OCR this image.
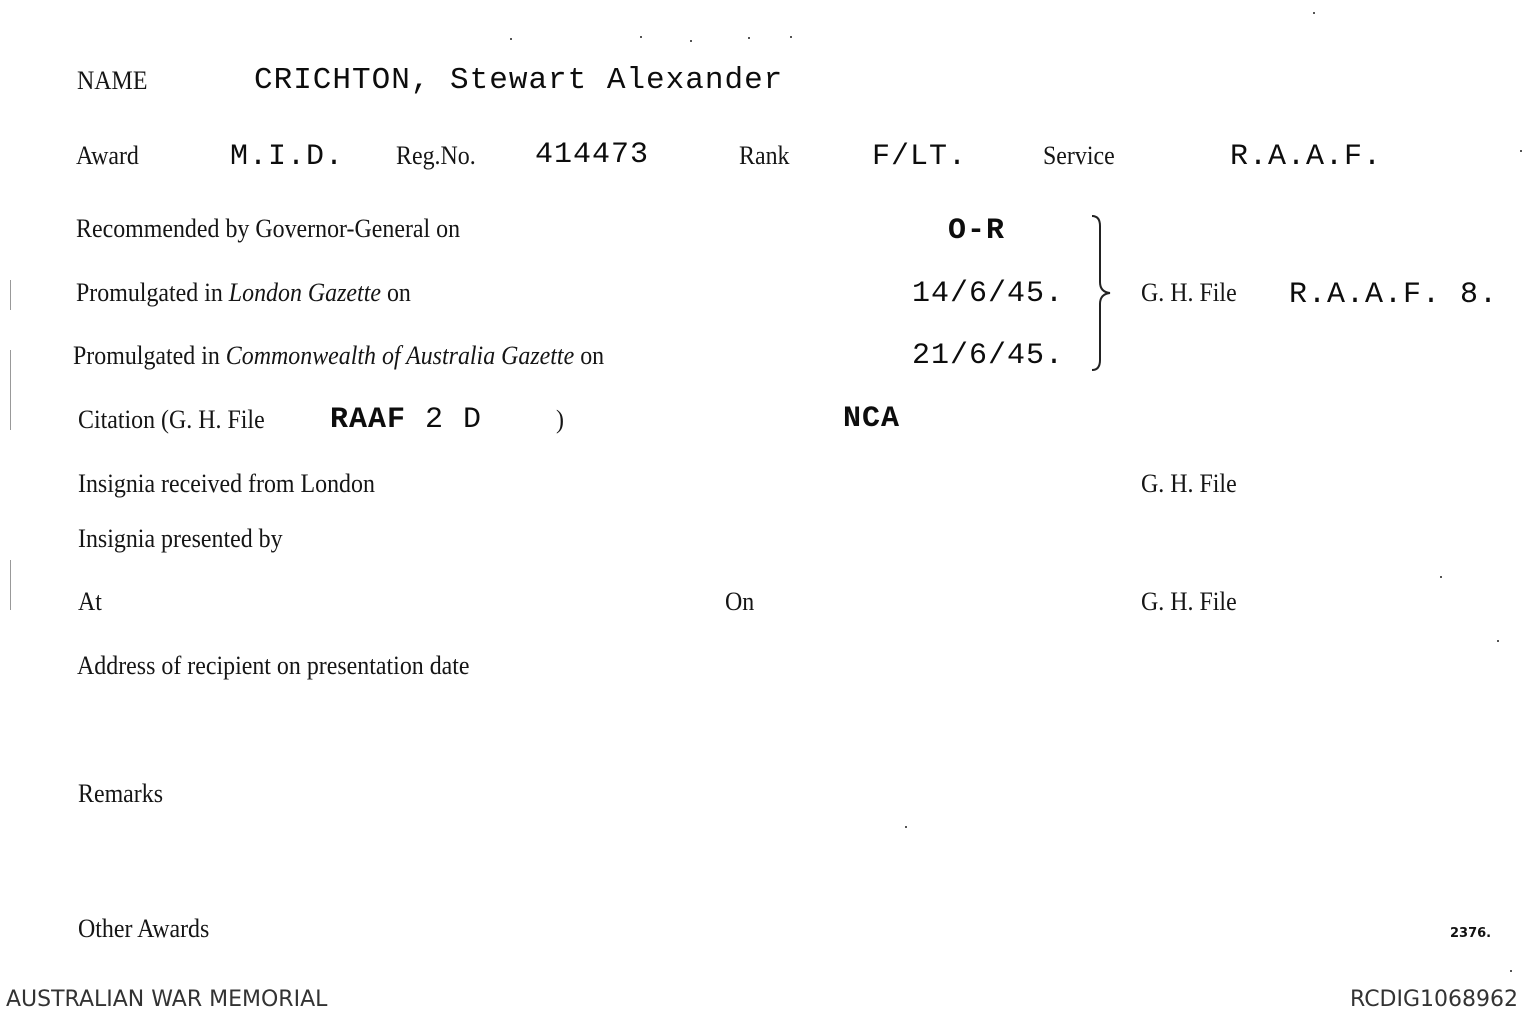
NAME	CRICHTON, Stewart Alexander
Award	M.I.D. Reg.No. 414473	Rank	F/LT.	Service	R.A.A.F.
Recommended by Governor-General on	O-R
Promulgated in London Gazette on	14/6/45.
Promulgated in Commonwealth of Australia Gazette on	21/6/45.
G. H. File R.A.A.F. 8.
Citation (G. H. File RAAF 2 D	)	NCA
Insignia received from London	G. H. File
Insignia presented by
At	On	G. H. File
Address of recipient on presentation date
Remarks
Other Awards	2376.
AUSTRALIAN WAR MEMORIAL	RCDIG1068962
